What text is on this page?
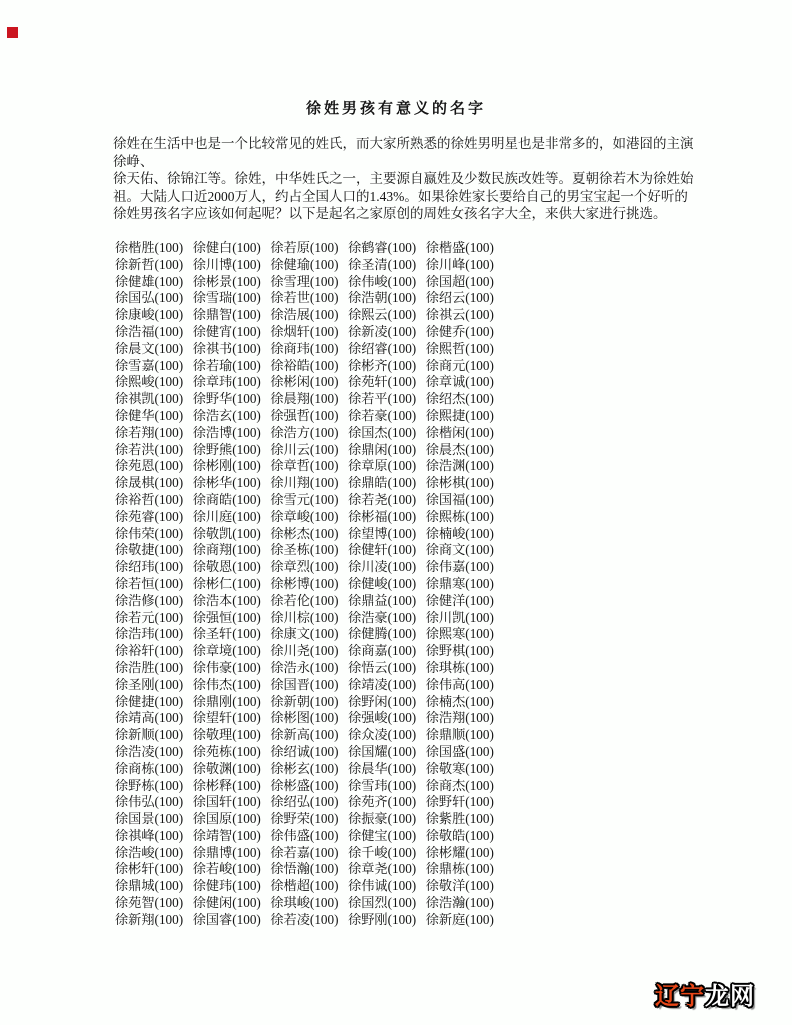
徐姓男孩有意义的名字
徐姓在生活中也是一个比较常见的姓氏，而大家所熟悉的徐姓男明星也是非常多的，如港囧的主演
徐峥、
徐天佑、徐锦江等。徐姓，中华姓氏之一，主要源自嬴姓及少数民族改姓等。夏朝徐若木为徐姓始
祖。大陆人口近2000万人，约占全国人口的1.43%。如果徐姓家长要给自己的男宝宝起一个好听的
徐姓男孩名字应该如何起呢？以下是起名之家原创的周姓女孩名字大全，来供大家进行挑选。
徐楷胜(100) 徐健白(100) 徐若原(100) 徐鹤睿(100) 徐楷盛(100)
徐新哲(100) 徐川博(100) 徐健瑜(100) 徐圣清(100) 徐川峰(100)
徐健雄(100) 徐彬景(100) 徐雪理(100) 徐伟峻(100) 徐国超(100)
徐国弘(100) 徐雪瑞(100) 徐若世(100) 徐浩朝(100) 徐绍云(100)
徐康峻(100) 徐鼎智(100) 徐浩展(100) 徐熙云(100) 徐祺云(100)
徐浩福(100) 徐健宵(100) 徐烟轩(100) 徐新凌(100) 徐健乔(100)
徐晨文(100) 徐祺书(100) 徐商玮(100) 徐绍睿(100) 徐熙哲(100)
徐雪嘉(100) 徐若瑜(100) 徐裕皓(100) 徐彬齐(100) 徐商元(100)
徐熙峻(100) 徐章玮(100) 徐彬闲(100) 徐苑轩(100) 徐章诚(100)
徐祺凯(100) 徐野华(100) 徐晨翔(100) 徐若平(100) 徐绍杰(100)
徐健华(100) 徐浩玄(100) 徐强哲(100) 徐若豪(100) 徐熙捷(100)
徐若翔(100) 徐浩博(100) 徐浩方(100) 徐国杰(100) 徐楷闲(100)
徐若洪(100) 徐野熊(100) 徐川云(100) 徐鼎闲(100) 徐晨杰(100)
徐苑恩(100) 徐彬刚(100) 徐章哲(100) 徐章原(100) 徐浩渊(100)
徐晟棋(100) 徐彬华(100) 徐川翔(100) 徐鼎皓(100) 徐彬棋(100)
徐裕哲(100) 徐商皓(100) 徐雪元(100) 徐若尧(100) 徐国福(100)
徐苑睿(100) 徐川庭(100) 徐章峻(100) 徐彬福(100) 徐熙栋(100)
徐伟荣(100) 徐敬凯(100) 徐彬杰(100) 徐望博(100) 徐楠峻(100)
徐敬捷(100) 徐商翔(100) 徐圣栋(100) 徐健轩(100) 徐商文(100)
徐绍玮(100) 徐敬恩(100) 徐章烈(100) 徐川凌(100) 徐伟嘉(100)
徐若恒(100) 徐彬仁(100) 徐彬博(100) 徐健峻(100) 徐鼎寒(100)
徐浩修(100) 徐浩本(100) 徐若伦(100) 徐鼎益(100) 徐健洋(100)
徐若元(100) 徐强恒(100) 徐川棕(100) 徐浩豪(100) 徐川凯(100)
徐浩玮(100) 徐圣轩(100) 徐康文(100) 徐健腾(100) 徐熙寒(100)
徐裕轩(100) 徐章境(100) 徐川尧(100) 徐商嘉(100) 徐野棋(100)
徐浩胜(100) 徐伟豪(100) 徐浩永(100) 徐悟云(100) 徐琪栋(100)
徐圣刚(100) 徐伟杰(100) 徐国晋(100) 徐靖凌(100) 徐伟高(100)
徐健捷(100) 徐鼎刚(100) 徐新朝(100) 徐野闲(100) 徐楠杰(100)
徐靖高(100) 徐望轩(100) 徐彬图(100) 徐强峻(100) 徐浩翔(100)
徐新顺(100) 徐敬理(100) 徐新高(100) 徐众凌(100) 徐鼎顺(100)
徐浩凌(100) 徐苑栋(100) 徐绍诚(100) 徐国耀(100) 徐国盛(100)
徐商栋(100) 徐敬渊(100) 徐彬玄(100) 徐晨华(100) 徐敬寒(100)
徐野栋(100) 徐彬释(100) 徐彬盛(100) 徐雪玮(100) 徐商杰(100)
徐伟弘(100) 徐国轩(100) 徐绍弘(100) 徐苑齐(100) 徐野轩(100)
徐国景(100) 徐国原(100) 徐野荣(100) 徐振豪(100) 徐紫胜(100)
徐祺峰(100) 徐靖智(100) 徐伟盛(100) 徐健宝(100) 徐敬皓(100)
徐浩峻(100) 徐鼎博(100) 徐若嘉(100) 徐千峻(100) 徐彬耀(100)
徐彬轩(100) 徐若峻(100) 徐悟瀚(100) 徐章尧(100) 徐鼎栋(100)
徐鼎城(100) 徐健玮(100) 徐楷超(100) 徐伟诚(100) 徐敬洋(100)
徐苑智(100) 徐健闲(100) 徐琪峻(100) 徐国烈(100) 徐浩瀚(100)
徐新翔(100) 徐国睿(100) 徐若凌(100) 徐野刚(100) 徐新庭(100)
辽宁龙网
